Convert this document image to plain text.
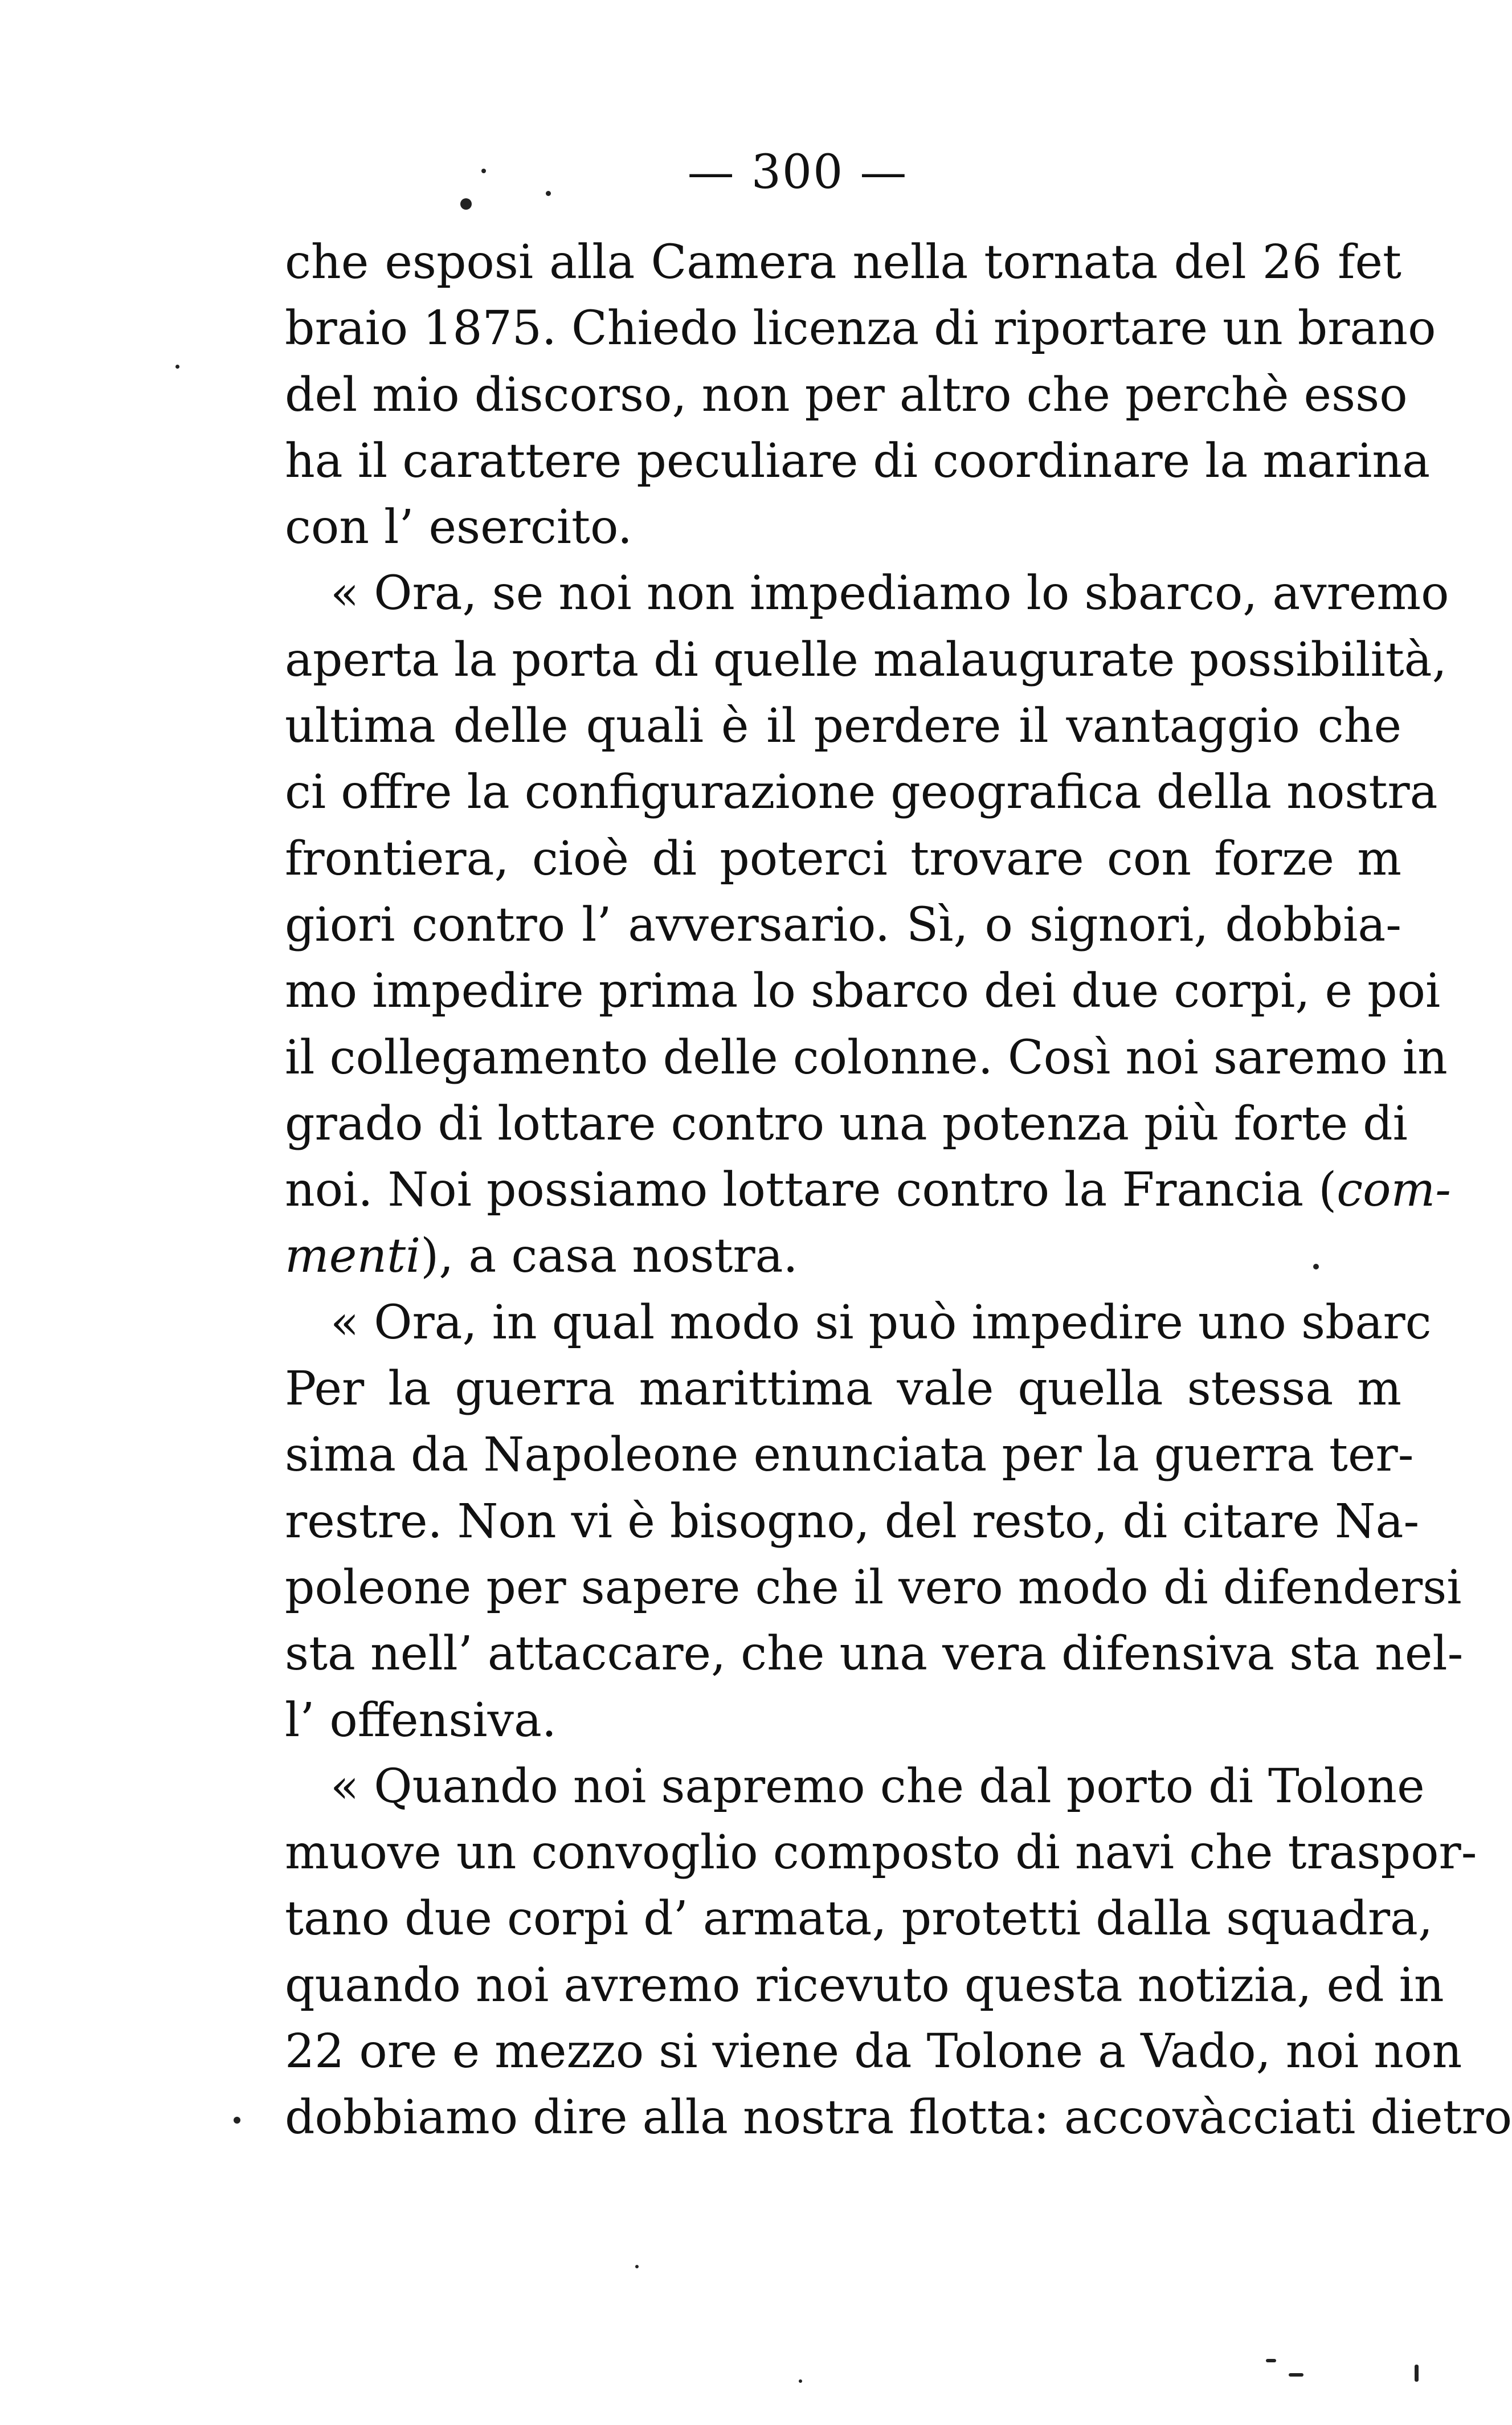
— 300 —
che esposi alla Camera nella tornata del 26 fet
braio 1875. Chiedo licenza di riportare un brano
del mio discorso, non per altro che perchè esso
ha il carattere peculiare di coordinare la marina
con l’ esercito.
« Ora, se noi non impediamo lo sbarco, avremo
aperta la porta di quelle malaugurate possibilità,
ultima delle quali è il perdere il vantaggio che
ci offre la configurazione geografica della nostra
frontiera, cioè di poterci trovare con forze m
giori contro l’ avversario. Sì, o signori, dobbia-
mo impedire prima lo sbarco dei due corpi, e poi
il collegamento delle colonne. Così noi saremo in
grado di lottare contro una potenza più forte di
noi. Noi possiamo lottare contro la Francia (com-
menti), a casa nostra.
« Ora, in qual modo si può impedire uno sbarc
Per la guerra marittima vale quella stessa m
sima da Napoleone enunciata per la guerra ter-
restre. Non vi è bisogno, del resto, di citare Na-
poleone per sapere che il vero modo di difendersi
sta nell’ attaccare, che una vera difensiva sta nel-
l’ offensiva.
« Quando noi sapremo che dal porto di Tolone
muove un convoglio composto di navi che traspor-
tano due corpi d’ armata, protetti dalla squadra,
quando noi avremo ricevuto questa notizia, ed in
22 ore e mezzo si viene da Tolone a Vado, noi non
dobbiamo dire alla nostra flotta: accovàcciati dietro
